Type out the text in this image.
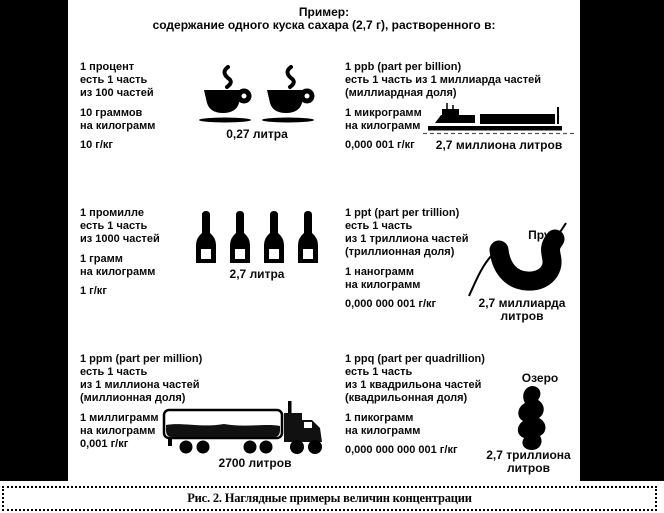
Пример:
содержание одного куска сахара (2,7 г), растворенного в:
1 процент
есть 1 часть
из 100 частей
10 граммов
на килограмм
10 г/кг
0,27 литра
1 ppb (part per billion)
есть 1 часть из 1 миллиарда частей
(миллиардная доля)
1 микрограмм
на килограмм
0,000 001 г/кг	2,7 миллиона литров
1 промилле
есть 1 часть
из 1000 частей
1 грамм
на килограмм
1 г/кг
2,7 литра
1 ppt (part per trillion)
есть 1 часть
из 1 триллиона частей
(триллионная доля)
1 нанограмм
на килограмм
0,000 000 001 г/кг
Пруд
2,7 миллиарда литров
1 ppm (part per million)
есть 1 часть
из 1 миллиона частей
(миллионная доля)
1 миллиграмм
на килограмм
0,001 г/кг
2700 литров
1 ppq (part per quadrillion)
есть 1 часть
из 1 квадрильона частей
(квадрильонная доля)
1 пикограмм
на килограмм
0,000 000 000 001 г/кг
Озеро
2,7 триллиона литров
Рис. 2. Наглядные примеры величин концентрации
